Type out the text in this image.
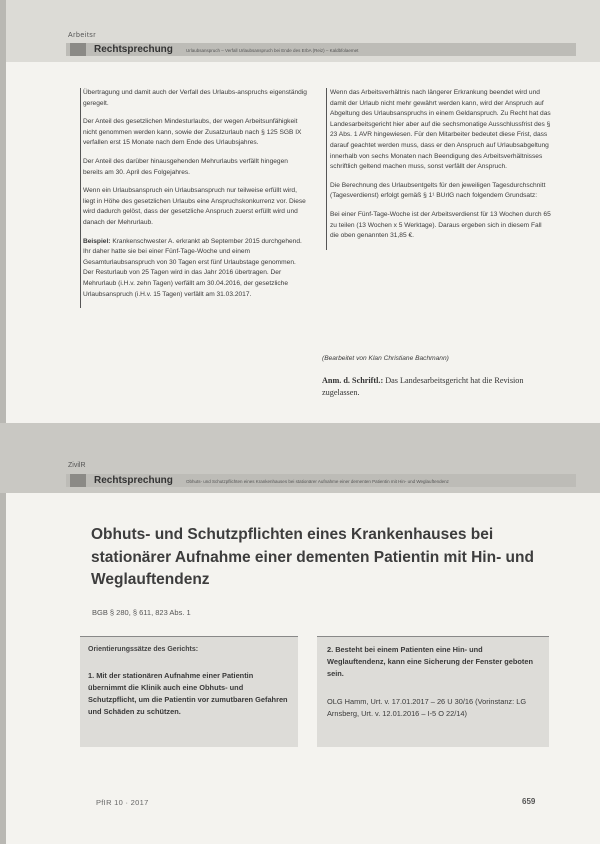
Arbeitsr
Rechtsprechung	Urlaubsanspruch – Verfall Urlaubsanspruch bei Ende des ErbA (Reiz) – Kaldbfolaemet

Übertragung und damit auch der Verfall des Urlaubs-anspruchs eigenständig geregelt.

Der Anteil des gesetzlichen Mindesturlaubs, der wegen Arbeitsunfähigkeit nicht genommen werden kann, sowie der Zusatzurlaub nach § 125 SGB IX verfallen erst 15 Monate nach dem Ende des Urlaubsjahres.

Der Anteil des darüber hinausgehenden Mehrurlaubs verfällt hingegen bereits am 30. April des Folgejahres.

Wenn ein Urlaubsanspruch ein Urlaubsanspruch nur teilweise erfüllt wird, liegt in Höhe des gesetzlichen Urlaubs eine Anspruchskonkurrenz vor. Diese wird dadurch gelöst, dass der gesetzliche Anspruch zuerst erfüllt wird und danach der Mehrurlaub.

Beispiel: Krankenschwester A. erkrankt ab September 2015 durchgehend. Ihr daher hatte sie bei einer Fünf-Tage-Woche und einem Gesamturlaubsanspruch von 30 Tagen erst fünf Urlaubstage genommen. Der Resturlaub von 25 Tagen wird in das Jahr 2016 übertragen. Der Mehrurlaub (i.H.v. zehn Tagen) verfällt am 30.04.2016, der gesetzliche Urlaubsanspruch (i.H.v. 15 Tagen) verfällt am 31.03.2017.

Wenn das Arbeitsverhältnis nach längerer Erkrankung beendet wird und damit der Urlaub nicht mehr gewährt werden kann, wird der Anspruch auf Abgeltung des Urlaubsanspruchs in einem Geldanspruch. Zu Recht hat das Landesarbeitsgericht hier aber auf die sechsmonatige Ausschlussfrist des § 23 Abs. 1 AVR hingewiesen. Für den Mitarbeiter bedeutet diese Frist, dass darauf geachtet werden muss, dass er den Anspruch auf Urlaubsabgeltung innerhalb von sechs Monaten nach Beendigung des Arbeitsverhältnisses schriftlich geltend machen muss, sonst verfällt der Anspruch.

Die Berechnung des Urlaubsentgelts für den jeweiligen Tagesdurchschnitt (Tagesverdienst) erfolgt gemäß § 1¹ BUrlG nach folgendem Grundsatz:

Bei einer Fünf-Tage-Woche ist der Arbeitsverdienst für 13 Wochen durch 65 zu teilen (13 Wochen x 5 Werktage). Daraus ergeben sich in diesem Fall die oben genannten 31,85 €.

(Bearbeitet von Klan Christiane Bachmann)
Anm. d. Schriftl.: Das Landesarbeitsgericht hat die Revision zugelassen.
ZivilR
Rechtsprechung	Obhuts- und Schutzpflichten eines Krankenhauses bei stationärer Aufnahme einer dementen Patientin mit Hin- und Weglauftendenz
Obhuts- und Schutzpflichten eines Krankenhauses bei stationärer Aufnahme einer dementen Patientin mit Hin- und Weglauftendenz
BGB § 280, § 611, 823 Abs. 1
Orientierungssätze des Gerichts:
1. Mit der stationären Aufnahme einer Patientin übernimmt die Klinik auch eine Obhuts- und Schutzpflicht, um die Patientin vor zumutbaren Gefahren und Schäden zu schützen.
2. Besteht bei einem Patienten eine Hin- und Weglauftendenz, kann eine Sicherung der Fenster geboten sein.
OLG Hamm, Urt. v. 17.01.2017 – 26 U 30/16 (Vorinstanz: LG Arnsberg, Urt. v. 12.01.2016 – I-5 O 22/14)
PfIR 10 · 2017	659
